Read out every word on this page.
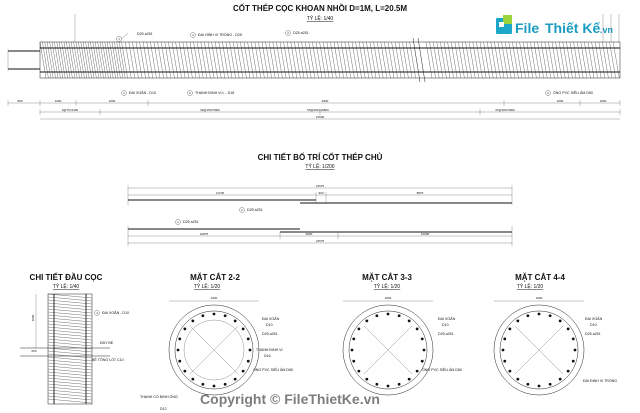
File Thiết Kế .vn
CỐT THÉP CỌC KHOAN NHỒI D=1M, L=20.5M
TỶ LỆ: 1/40
1
D25 a251	3 ĐAI HÌNH VI TRÒNG - D25	2 D25 a251
4 ĐAI XOẮN - D10	5 THANH ĐINH VỊ L - D16	6 ỐNG PVC SIÊU ÂM D60
800	1000	1000	3000	1000	1000
3@75=2400	32@150=5000	56@300=16800	47@300=5000
21500
CHI TIẾT BỐ TRÍ CỐT THÉP CHỦ
TỶ LỆ: 1/200
21575
11700	900	8875
2 D25 a251
1 D25 a251
10875	9000	10000
21575
CHI TIẾT ĐẦU CỌC
TỶ LỆ: 1/40
1000
600
4 ĐAI XOẮN - D10
ĐÁY BỂ
BÊ TÔNG LÓT C10
MẶT CẮT 2-2
TỶ LỆ: 1/20
1000
ĐAI XOẮN
D10
D25 a251
THANH ĐINH VỊ
D16
ỐNG PVC SIÊU ÂM D60
THANH CỐ ĐỊNH ỐNG
D12
MẶT CẮT 3-3
TỶ LỆ: 1/20
1000
ĐAI XOẮN
D10
D25 a251
ỐNG PVC SIÊU ÂM D60
MẶT CẮT 4-4
TỶ LỆ: 1/20
1000
ĐAI XOẮN
D10
D25 a251
ĐAI ĐỊNH VỊ TRÒNG
Copyright © FileThietKe.vn
